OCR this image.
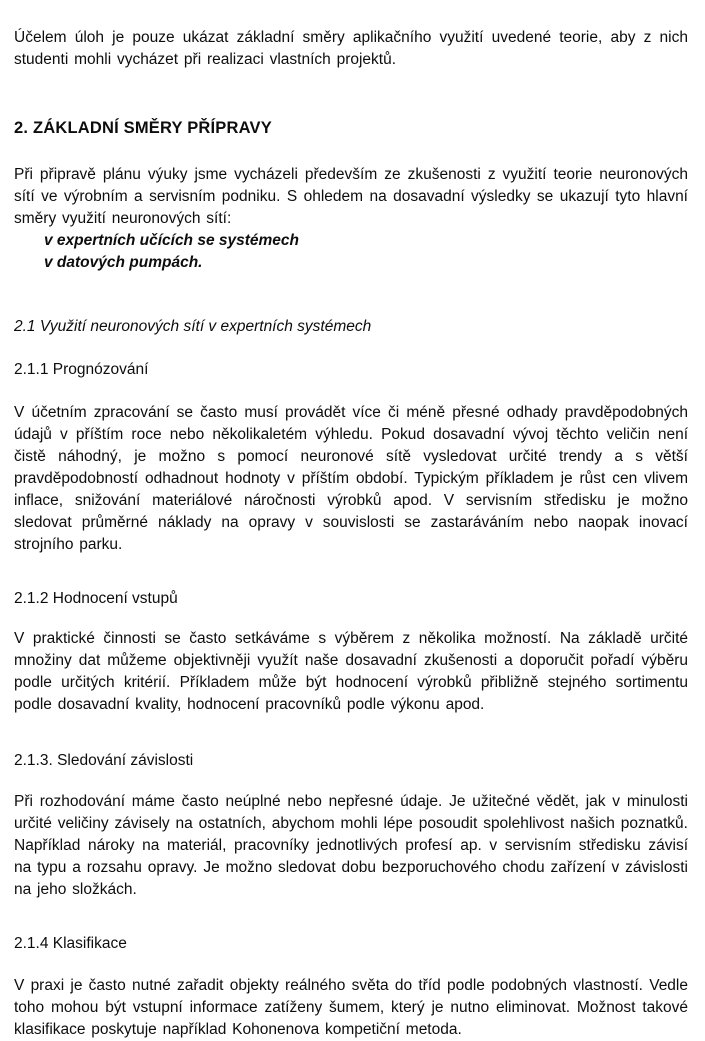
Účelem úloh je pouze ukázat základní směry aplikačního využití uvedené teorie, aby z nich studenti mohli vycházet při realizaci vlastních projektů.

2. ZÁKLADNÍ SMĚRY PŘÍPRAVY

Při připravě plánu výuky jsme vycházeli především ze zkušenosti z využití teorie neuronových sítí ve výrobním a servisním podniku. S ohledem na dosavadní výsledky se ukazují tyto hlavní směry využití neuronových sítí:

v expertních učících se systémech
v datových pumpách.
2.1 Využití neuronových sítí v expertních systémech
2.1.1 Prognózování

V účetním zpracování se často musí provádět více či méně přesné odhady pravděpodobných údajů v příštím roce nebo několikaletém výhledu. Pokud dosavadní vývoj těchto veličin není čistě náhodný, je možno s pomocí neuronové sítě vysledovat určité trendy a s větší pravděpodobností odhadnout hodnoty v příštím období. Typickým příkladem je růst cen vlivem inflace, snižování materiálové náročnosti výrobků apod. V servisním středisku je možno sledovat průměrné náklady na opravy v souvislosti se zastaráváním nebo naopak inovací strojního parku.

2.1.2 Hodnocení vstupů

V praktické činnosti se často setkáváme s výběrem z několika možností. Na základě určité množiny dat můžeme objektivněji využít naše dosavadní zkušenosti a doporučit pořadí výběru podle určitých kritérií. Příkladem může být hodnocení výrobků přibližně stejného sortimentu podle dosavadní kvality, hodnocení pracovníků podle výkonu apod.

2.1.3. Sledování závislosti

Při rozhodování máme často neúplné nebo nepřesné údaje. Je užitečné vědět, jak v minulosti určité veličiny závisely na ostatních, abychom mohli lépe posoudit spolehlivost našich poznatků. Například nároky na materiál, pracovníky jednotlivých profesí ap. v servisním středisku závisí na typu a rozsahu opravy. Je možno sledovat dobu bezporuchového chodu zařízení v závislosti na jeho složkách.

2.1.4 Klasifikace

V praxi je často nutné zařadit objekty reálného světa do tříd podle podobných vlastností. Vedle toho mohou být vstupní informace zatíženy šumem, který je nutno eliminovat. Možnost takové klasifikace poskytuje například Kohonenova kompetiční metoda.
